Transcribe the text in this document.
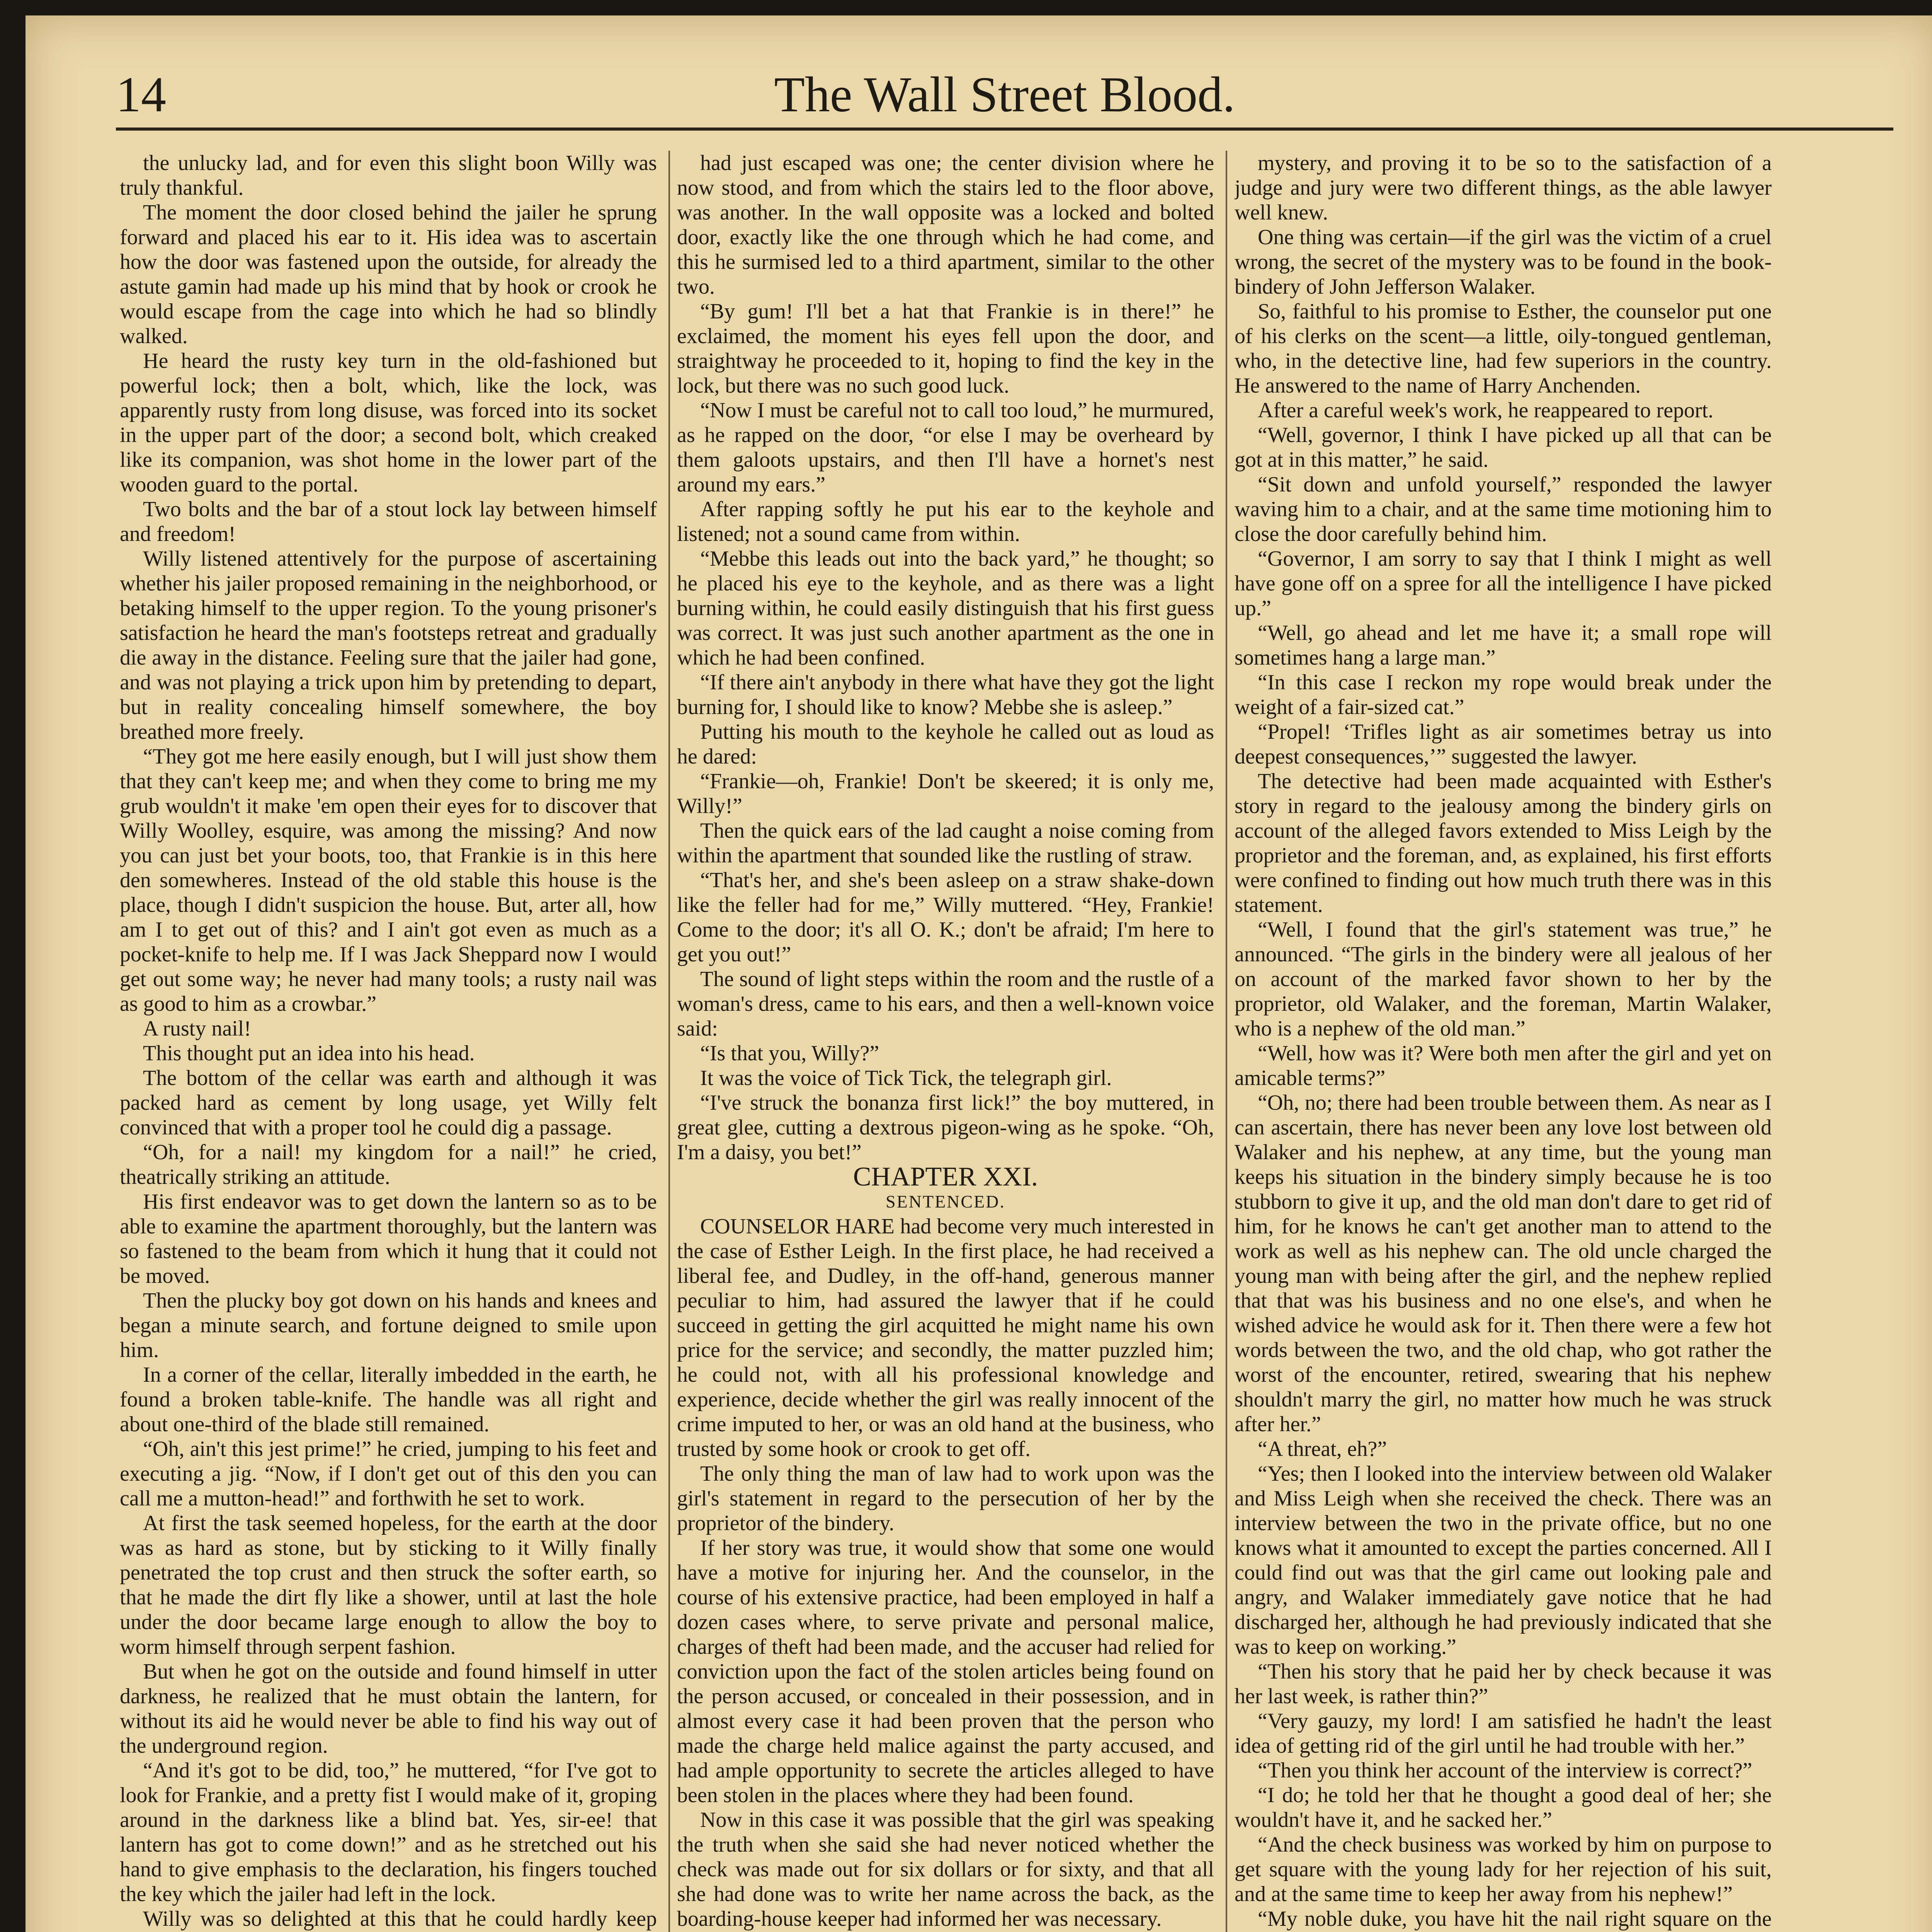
14	The Wall Street Blood.

the unlucky lad, and for even this slight boon Willy was truly thankful.

The moment the door closed behind the jailer he sprung forward and placed his ear to it. His idea was to ascertain how the door was fastened upon the outside, for already the astute gamin had made up his mind that by hook or crook he would escape from the cage into which he had so blindly walked.

He heard the rusty key turn in the old-fashioned but powerful lock; then a bolt, which, like the lock, was apparently rusty from long disuse, was forced into its socket in the upper part of the door; a second bolt, which creaked like its companion, was shot home in the lower part of the wooden guard to the portal.

Two bolts and the bar of a stout lock lay between himself and freedom!

Willy listened attentively for the purpose of ascertaining whether his jailer proposed remaining in the neighborhood, or betaking himself to the upper region. To the young prisoner's satisfaction he heard the man's footsteps retreat and gradually die away in the distance. Feeling sure that the jailer had gone, and was not playing a trick upon him by pretending to depart, but in reality concealing himself somewhere, the boy breathed more freely.

“They got me here easily enough, but I will just show them that they can't keep me; and when they come to bring me my grub wouldn't it make 'em open their eyes for to discover that Willy Woolley, esquire, was among the missing? And now you can just bet your boots, too, that Frankie is in this here den somewheres. Instead of the old stable this house is the place, though I didn't suspicion the house. But, arter all, how am I to get out of this? and I ain't got even as much as a pocket-knife to help me. If I was Jack Sheppard now I would get out some way; he never had many tools; a rusty nail was as good to him as a crowbar.”

A rusty nail!

This thought put an idea into his head.

The bottom of the cellar was earth and although it was packed hard as cement by long usage, yet Willy felt convinced that with a proper tool he could dig a passage.

“Oh, for a nail! my kingdom for a nail!” he cried, theatrically striking an attitude.

His first endeavor was to get down the lantern so as to be able to examine the apartment thoroughly, but the lantern was so fastened to the beam from which it hung that it could not be moved.

Then the plucky boy got down on his hands and knees and began a minute search, and fortune deigned to smile upon him.

In a corner of the cellar, literally imbedded in the earth, he found a broken table-knife. The handle was all right and about one-third of the blade still remained.

“Oh, ain't this jest prime!” he cried, jumping to his feet and executing a jig. “Now, if I don't get out of this den you can call me a mutton-head!” and forthwith he set to work.

At first the task seemed hopeless, for the earth at the door was as hard as stone, but by sticking to it Willy finally penetrated the top crust and then struck the softer earth, so that he made the dirt fly like a shower, until at last the hole under the door became large enough to allow the boy to worm himself through serpent fashion.

But when he got on the outside and found himself in utter darkness, he realized that he must obtain the lantern, for without its aid he would never be able to find his way out of the underground region.

“And it's got to be did, too,” he muttered, “for I've got to look for Frankie, and a pretty fist I would make of it, groping around in the darkness like a blind bat. Yes, sir-ee! that lantern has got to come down!” and as he stretched out his hand to give emphasis to the declaration, his fingers touched the key which the jailer had left in the lock.

Willy was so delighted at this that he could hardly keep

had just escaped was one; the center division where he now stood, and from which the stairs led to the floor above, was another. In the wall opposite was a locked and bolted door, exactly like the one through which he had come, and this he surmised led to a third apartment, similar to the other two.

“By gum! I'll bet a hat that Frankie is in there!” he exclaimed, the moment his eyes fell upon the door, and straightway he proceeded to it, hoping to find the key in the lock, but there was no such good luck.

“Now I must be careful not to call too loud,” he murmured, as he rapped on the door, “or else I may be overheard by them galoots upstairs, and then I'll have a hornet's nest around my ears.”

After rapping softly he put his ear to the keyhole and listened; not a sound came from within.

“Mebbe this leads out into the back yard,” he thought; so he placed his eye to the keyhole, and as there was a light burning within, he could easily distinguish that his first guess was correct. It was just such another apartment as the one in which he had been confined.

“If there ain't anybody in there what have they got the light burning for, I should like to know? Mebbe she is asleep.”

Putting his mouth to the keyhole he called out as loud as he dared:

“Frankie—oh, Frankie! Don't be skeered; it is only me, Willy!”

Then the quick ears of the lad caught a noise coming from within the apartment that sounded like the rustling of straw.

“That's her, and she's been asleep on a straw shake-down like the feller had for me,” Willy muttered. “Hey, Frankie! Come to the door; it's all O. K.; don't be afraid; I'm here to get you out!”

The sound of light steps within the room and the rustle of a woman's dress, came to his ears, and then a well-known voice said:

“Is that you, Willy?”

It was the voice of Tick Tick, the telegraph girl.

“I've struck the bonanza first lick!” the boy muttered, in great glee, cutting a dextrous pigeon-wing as he spoke. “Oh, I'm a daisy, you bet!”

CHAPTER XXI.

SENTENCED.

COUNSELOR HARE had become very much interested in the case of Esther Leigh. In the first place, he had received a liberal fee, and Dudley, in the off-hand, generous manner peculiar to him, had assured the lawyer that if he could succeed in getting the girl acquitted he might name his own price for the service; and secondly, the matter puzzled him; he could not, with all his professional knowledge and experience, decide whether the girl was really innocent of the crime imputed to her, or was an old hand at the business, who trusted by some hook or crook to get off.

The only thing the man of law had to work upon was the girl's statement in regard to the persecution of her by the proprietor of the bindery.

If her story was true, it would show that some one would have a motive for injuring her. And the counselor, in the course of his extensive practice, had been employed in half a dozen cases where, to serve private and personal malice, charges of theft had been made, and the accuser had relied for conviction upon the fact of the stolen articles being found on the person accused, or concealed in their possession, and in almost every case it had been proven that the person who made the charge held malice against the party accused, and had ample opportunity to secrete the articles alleged to have been stolen in the places where they had been found.

Now in this case it was possible that the girl was speaking the truth when she said she had never noticed whether the check was made out for six dollars or for sixty, and that all she had done was to write her name across the back, as the boarding-house keeper had informed her was necessary.

mystery, and proving it to be so to the satisfaction of a judge and jury were two different things, as the able lawyer well knew.

One thing was certain—if the girl was the victim of a cruel wrong, the secret of the mystery was to be found in the book-bindery of John Jefferson Walaker.

So, faithful to his promise to Esther, the counselor put one of his clerks on the scent—a little, oily-tongued gentleman, who, in the detective line, had few superiors in the country. He answered to the name of Harry Anchenden.

After a careful week's work, he reappeared to report.

“Well, governor, I think I have picked up all that can be got at in this matter,” he said.

“Sit down and unfold yourself,” responded the lawyer waving him to a chair, and at the same time motioning him to close the door carefully behind him.

“Governor, I am sorry to say that I think I might as well have gone off on a spree for all the intelligence I have picked up.”

“Well, go ahead and let me have it; a small rope will sometimes hang a large man.”

“In this case I reckon my rope would break under the weight of a fair-sized cat.”

“Propel! ‘Trifles light as air sometimes betray us into deepest consequences,’” suggested the lawyer.

The detective had been made acquainted with Esther's story in regard to the jealousy among the bindery girls on account of the alleged favors extended to Miss Leigh by the proprietor and the foreman, and, as explained, his first efforts were confined to finding out how much truth there was in this statement.

“Well, I found that the girl's statement was true,” he announced. “The girls in the bindery were all jealous of her on account of the marked favor shown to her by the proprietor, old Walaker, and the foreman, Martin Walaker, who is a nephew of the old man.”

“Well, how was it? Were both men after the girl and yet on amicable terms?”

“Oh, no; there had been trouble between them. As near as I can ascertain, there has never been any love lost between old Walaker and his nephew, at any time, but the young man keeps his situation in the bindery simply because he is too stubborn to give it up, and the old man don't dare to get rid of him, for he knows he can't get another man to attend to the work as well as his nephew can. The old uncle charged the young man with being after the girl, and the nephew replied that that was his business and no one else's, and when he wished advice he would ask for it. Then there were a few hot words between the two, and the old chap, who got rather the worst of the encounter, retired, swearing that his nephew shouldn't marry the girl, no matter how much he was struck after her.”

“A threat, eh?”

“Yes; then I looked into the interview between old Walaker and Miss Leigh when she received the check. There was an interview between the two in the private office, but no one knows what it amounted to except the parties concerned. All I could find out was that the girl came out looking pale and angry, and Walaker immediately gave notice that he had discharged her, although he had previously indicated that she was to keep on working.”

“Then his story that he paid her by check because it was her last week, is rather thin?”

“Very gauzy, my lord! I am satisfied he hadn't the least idea of getting rid of the girl until he had trouble with her.”

“Then you think her account of the interview is correct?”

“I do; he told her that he thought a good deal of her; she wouldn't have it, and he sacked her.”

“And the check business was worked by him on purpose to get square with the young lady for her rejection of his suit, and at the same time to keep her away from his nephew!”

“My noble duke, you have hit the nail right square on the
